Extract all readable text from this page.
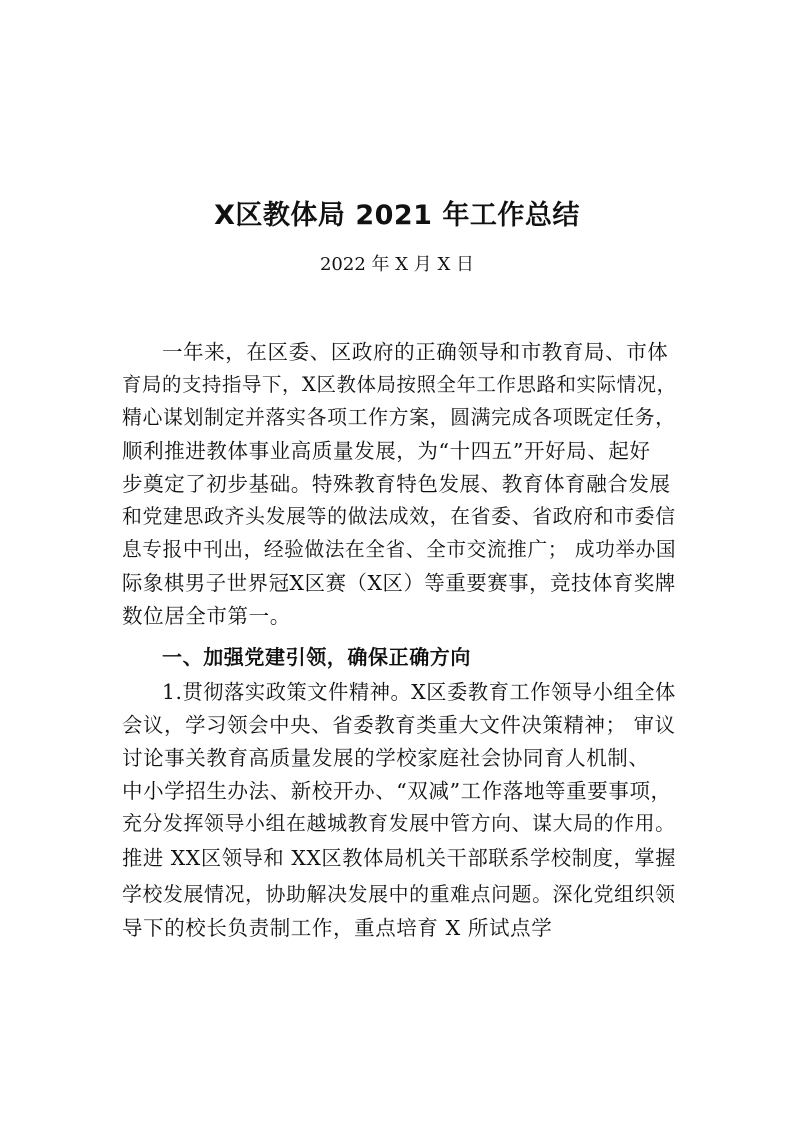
X区教体局 2021 年工作总结
2022 年 X 月 X 日
一年来，在区委、区政府的正确领导和市教育局、市体
育局的支持指导下，X区教体局按照全年工作思路和实际情况，
精心谋划制定并落实各项工作方案，圆满完成各项既定任务，
顺利推进教体事业高质量发展，为“十四五”开好局、起好
步奠定了初步基础。特殊教育特色发展、教育体育融合发展
和党建思政齐头发展等的做法成效，在省委、省政府和市委信
息专报中刊出，经验做法在全省、全市交流推广； 成功举办国
际象棋男子世界冠X区赛（X区）等重要赛事，竞技体育奖牌
数位居全市第一。
一、加强党建引领，确保正确方向
1.贯彻落实政策文件精神。X区委教育工作领导小组全体
会议，学习领会中央、省委教育类重大文件决策精神； 审议
讨论事关教育高质量发展的学校家庭社会协同育人机制、
中小学招生办法、新校开办、“双减”工作落地等重要事项，
充分发挥领导小组在越城教育发展中管方向、谋大局的作用。
推进 XX区领导和 XX区教体局机关干部联系学校制度，掌握
学校发展情况，协助解决发展中的重难点问题。深化党组织领
导下的校长负责制工作，重点培育 X 所试点学
